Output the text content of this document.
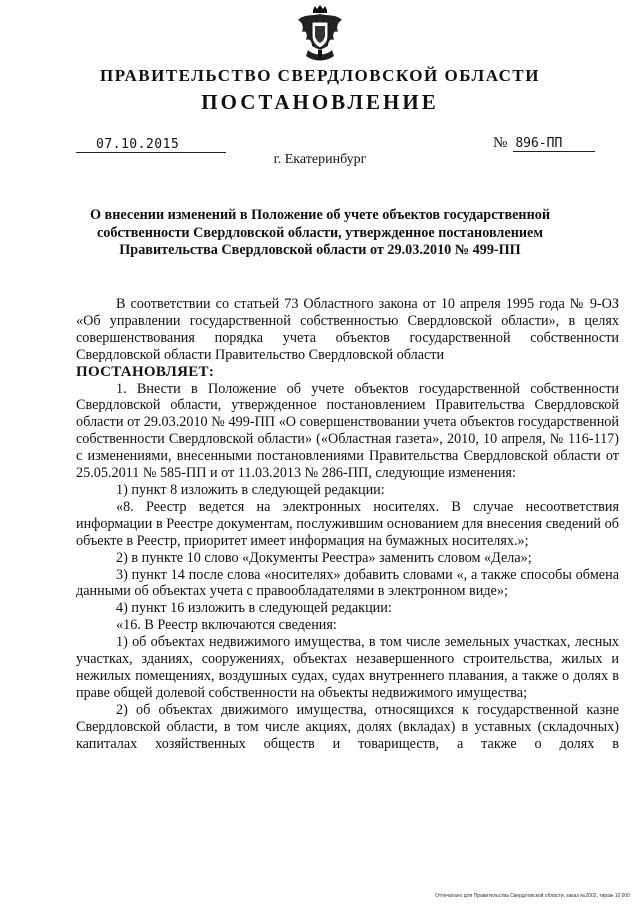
ПРАВИТЕЛЬСТВО СВЕРДЛОВСКОЙ ОБЛАСТИ
ПОСТАНОВЛЕНИЕ
07.10.2015	№ 896-ПП
г. Екатеринбург
О внесении изменений в Положение об учете объектов государственной собственности Свердловской области, утвержденное постановлением Правительства Свердловской области от 29.03.2010 № 499-ПП

В соответствии со статьей 73 Областного закона от 10 апреля 1995 года № 9-ОЗ «Об управлении государственной собственностью Свердловской области», в целях совершенствования порядка учета объектов государственной собственности Свердловской области Правительство Свердловской области

ПОСТАНОВЛЯЕТ:

1. Внести в Положение об учете объектов государственной собственности Свердловской области, утвержденное постановлением Правительства Свердловской области от 29.03.2010 № 499-ПП «О совершенствовании учета объектов государственной собственности Свердловской области» («Областная газета», 2010, 10 апреля, № 116-117) с изменениями, внесенными постановлениями Правительства Свердловской области от 25.05.2011 № 585-ПП и от 11.03.2013 № 286-ПП, следующие изменения:

1) пункт 8 изложить в следующей редакции:

«8. Реестр ведется на электронных носителях. В случае несоответствия информации в Реестре документам, послужившим основанием для внесения сведений об объекте в Реестр, приоритет имеет информация на бумажных носителях.»;

2) в пункте 10 слово «Документы Реестра» заменить словом «Дела»;

3) пункт 14 после слова «носителях» добавить словами «, а также способы обмена данными об объектах учета с правообладателями в электронном виде»;

4) пункт 16 изложить в следующей редакции:

«16. В Реестр включаются сведения:

1) об объектах недвижимого имущества, в том числе земельных участках, лесных участках, зданиях, сооружениях, объектах незавершенного строительства, жилых и нежилых помещениях, воздушных судах, судах внутреннего плавания, а также о долях в праве общей долевой собственности на объекты недвижимого имущества;

2) об объектах движимого имущества, относящихся к государственной казне Свердловской области, в том числе акциях, долях (вкладах) в уставных (складочных) капиталах хозяйственных обществ и товариществ, а также о долях в

Отпечатано для Правительства Свердловской области, заказ №2002, тираж 10 000
